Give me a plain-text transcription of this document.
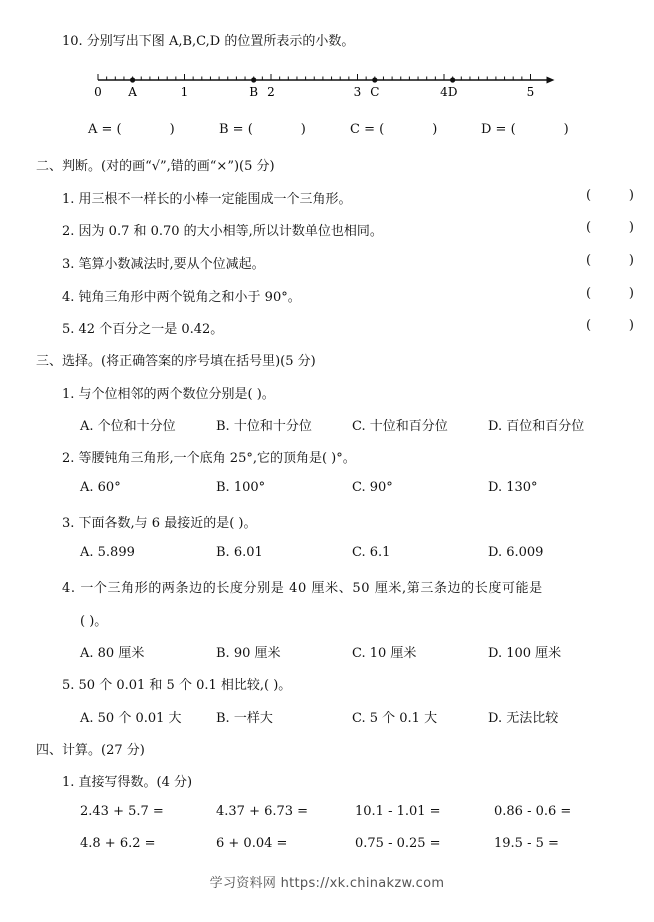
10. 分别写出下图 A,B,C,D 的位置所表示的小数。
0	1	2	3	4	5
A	B	C	D
A = (	)	B = (	)	C = (	)	D = (	)
二、判断。(对的画“√”,错的画“×”)(5 分)
1. 用三根不一样长的小棒一定能围成一个三角形。	(	)
2. 因为 0.7 和 0.70 的大小相等,所以计数单位也相同。	(	)
3. 笔算小数减法时,要从个位减起。	(	)
4. 钝角三角形中两个锐角之和小于 90°。	(	)
5. 42 个百分之一是 0.42。	(	)
三、选择。(将正确答案的序号填在括号里)(5 分)
1. 与个位相邻的两个数位分别是( )。
A. 个位和十分位	B. 十位和十分位	C. 十位和百分位	D. 百位和百分位
2. 等腰钝角三角形,一个底角 25°,它的顶角是( )°。
A. 60°	B. 100°	C. 90°	D. 130°
3. 下面各数,与 6 最接近的是( )。
A. 5.899	B. 6.01	C. 6.1	D. 6.009
4. 一个三角形的两条边的长度分别是 40 厘米、50 厘米,第三条边的长度可能是
( )。
A. 80 厘米	B. 90 厘米	C. 10 厘米	D. 100 厘米
5. 50 个 0.01 和 5 个 0.1 相比较,( )。
A. 50 个 0.01 大	B. 一样大	C. 5 个 0.1 大	D. 无法比较
四、计算。(27 分)
1. 直接写得数。(4 分)
2.43 + 5.7 =	4.37 + 6.73 =	10.1 - 1.01 =	0.86 - 0.6 =
4.8 + 6.2 =	6 + 0.04 =	0.75 - 0.25 =	19.5 - 5 =
学习资料网 https://xk.chinakzw.com
